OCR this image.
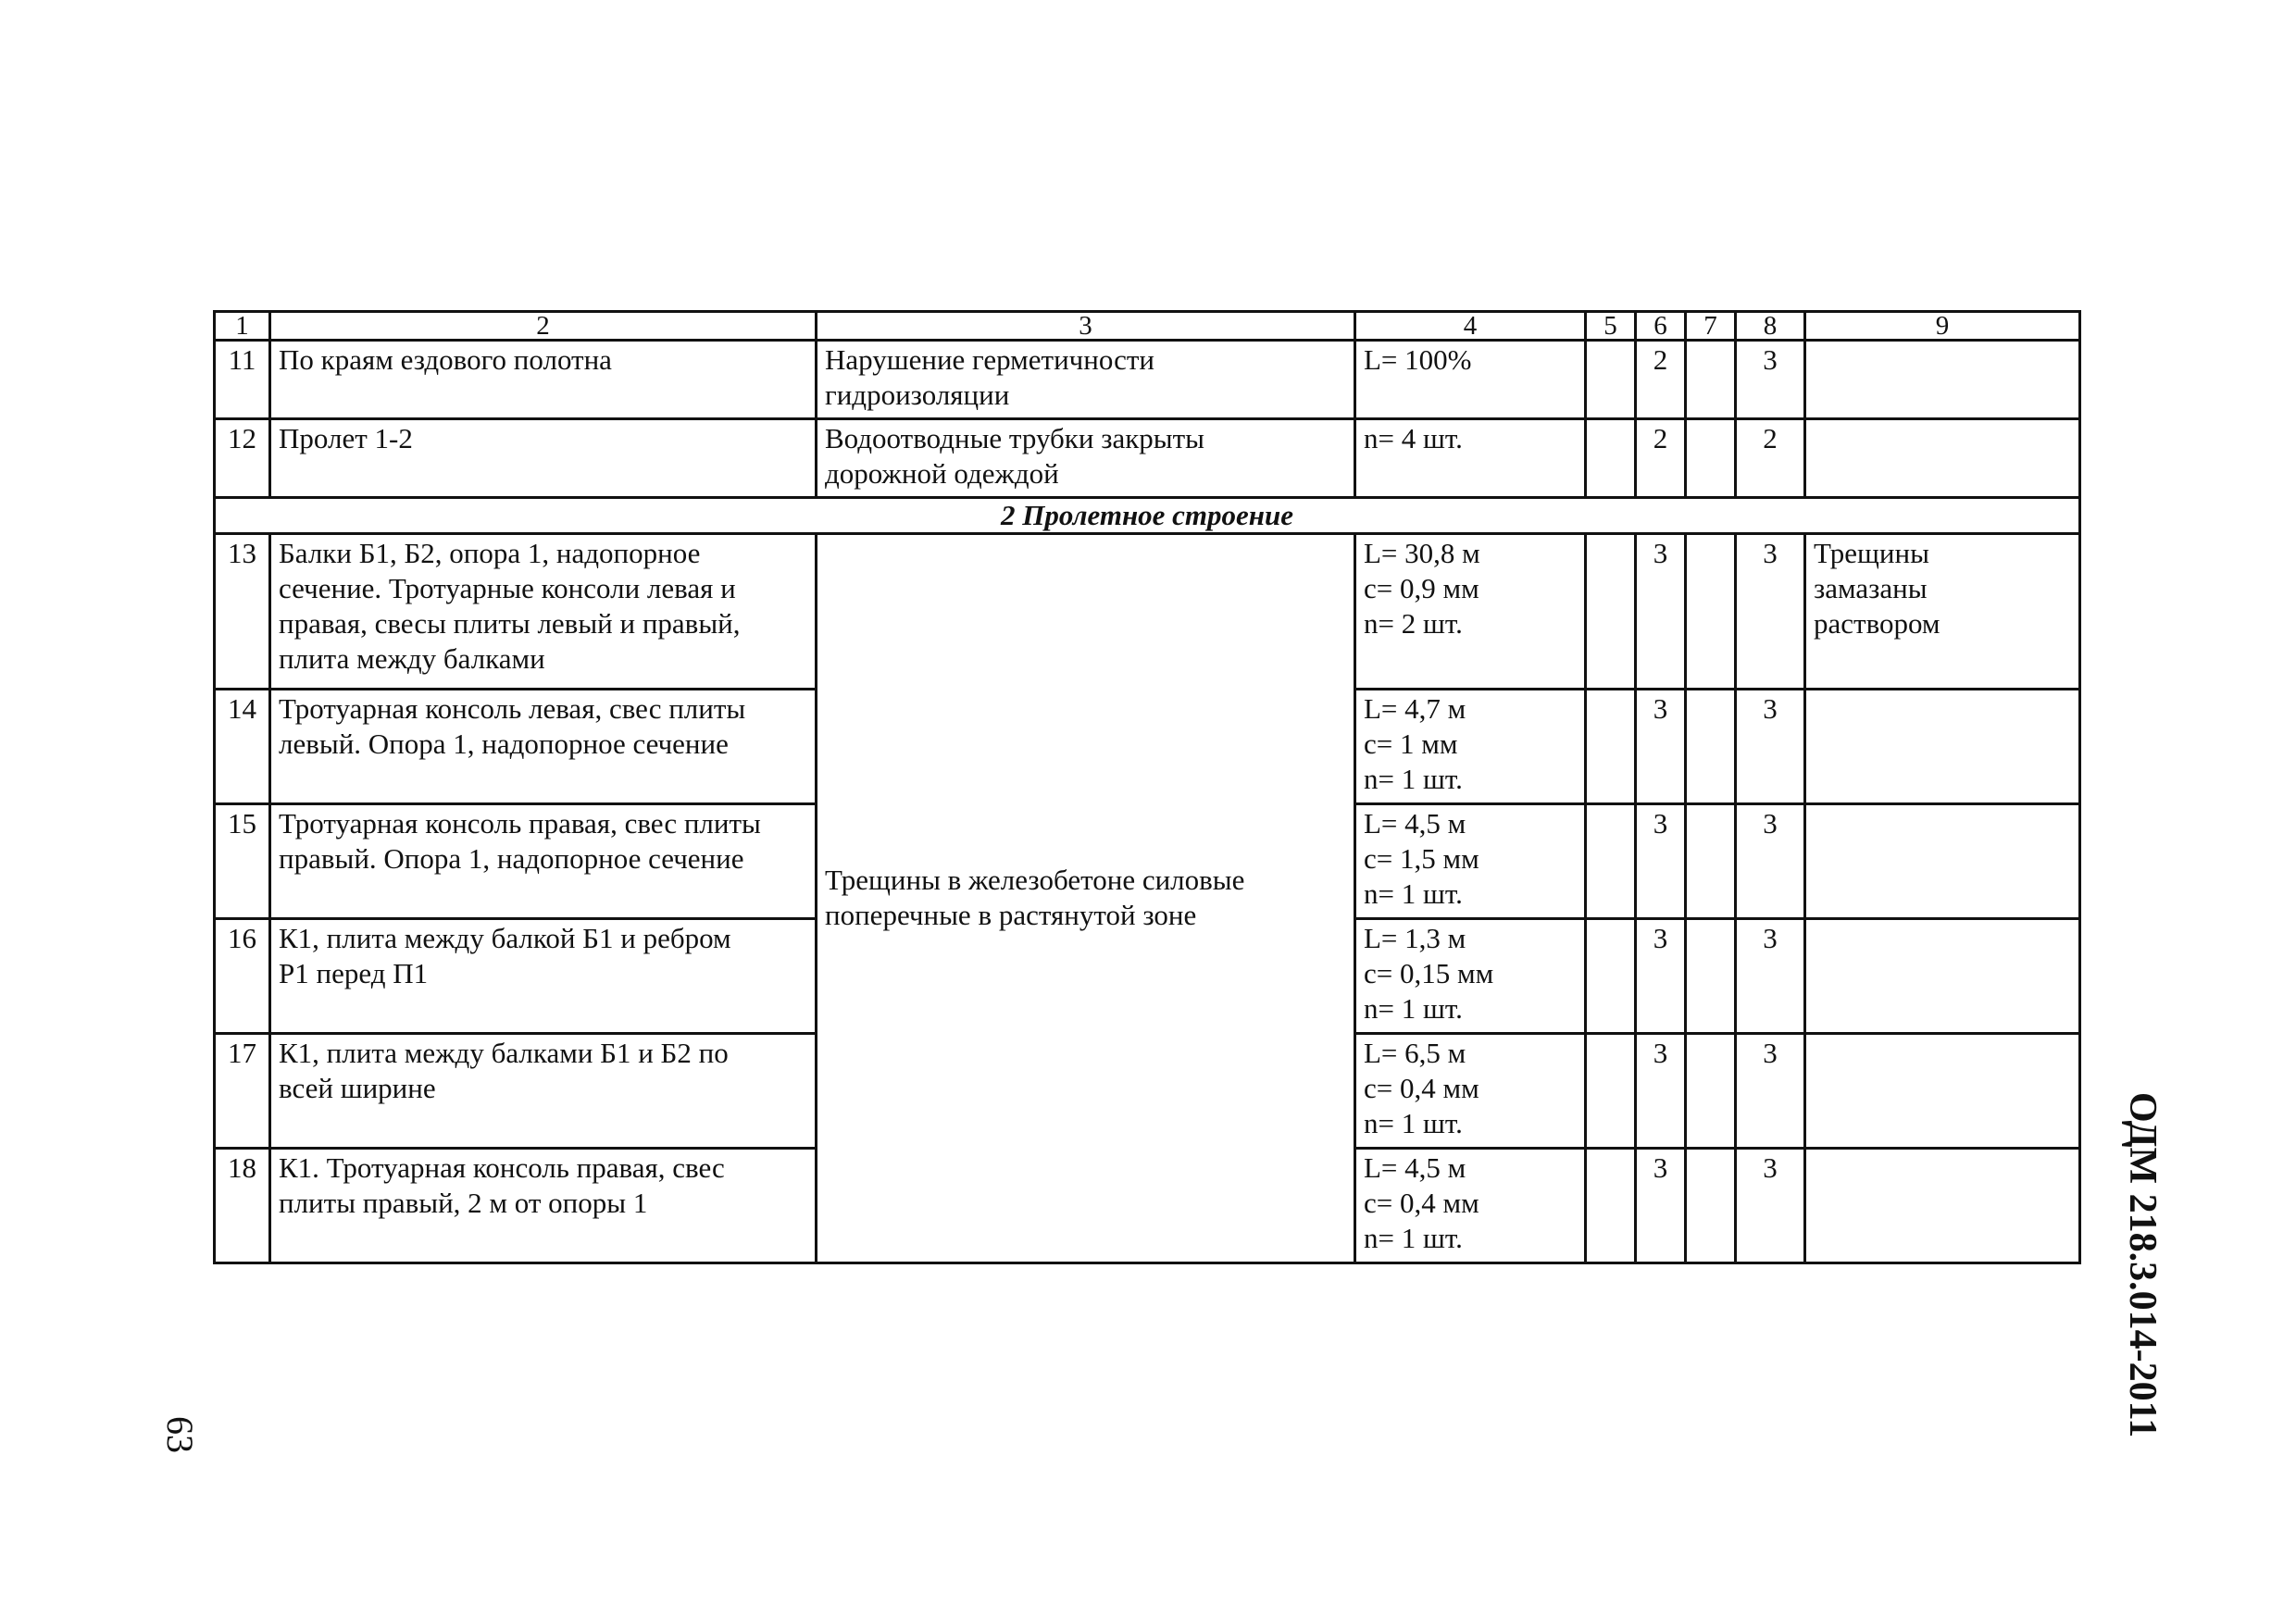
1	2	3	4	5	6	7	8	9
11	По краям ездового полотна	Нарушение герметичности
гидроизоляции	L= 100%		2		3	
12	Пролет 1-2	Водоотводные трубки закрыты
дорожной одеждой	n= 4 шт.		2		2	
2 Пролетное строение								
13	Балки Б1, Б2, опора 1, надопорное
сечение. Тротуарные консоли левая и
правая, свесы плиты левый и правый,
плита между балками	Трещины в железобетоне силовые
поперечные в растянутой зоне	L= 30,8 м
c= 0,9 мм
n= 2 шт.		3		3	Трещины
замазаны
раствором
14	Тротуарная консоль левая, свес плиты
левый. Опора 1, надопорное сечение		L= 4,7 м
c= 1 мм
n= 1 шт.		3		3	
15	Тротуарная консоль правая, свес плиты
правый. Опора 1, надопорное сечение		L= 4,5 м
c= 1,5 мм
n= 1 шт.		3		3	
16	К1, плита между балкой Б1 и ребром
Р1 перед П1		L= 1,3 м
c= 0,15 мм
n= 1 шт.		3		3	
17	К1, плита между балками Б1 и Б2 по
всей ширине		L= 6,5 м
c= 0,4 мм
n= 1 шт.		3		3	
18	К1. Тротуарная консоль правая, свес
плиты правый, 2 м от опоры 1		L= 4,5 м
c= 0,4 мм
n= 1 шт.		3		3		ОДМ 218.3.014-2011
63
